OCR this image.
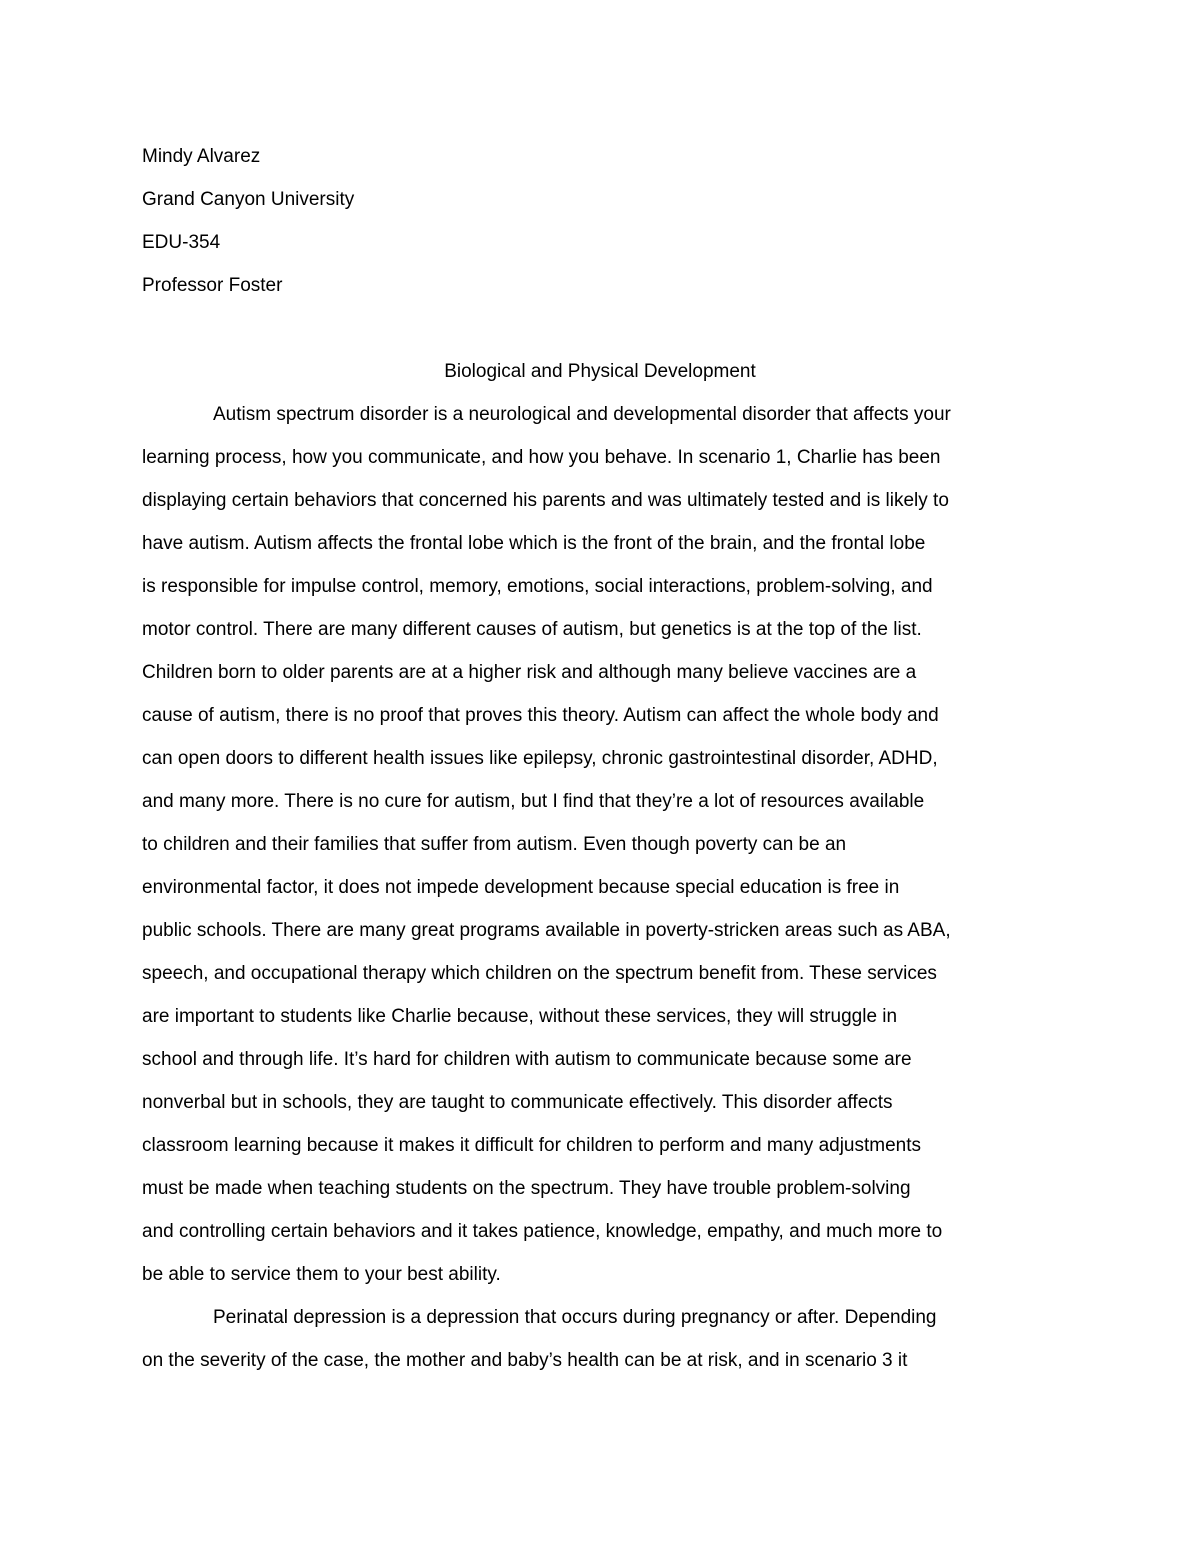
Mindy Alvarez

Grand Canyon University

EDU-354

Professor Foster

Biological and Physical Development

Autism spectrum disorder is a neurological and developmental disorder that affects your

learning process, how you communicate, and how you behave. In scenario 1, Charlie has been

displaying certain behaviors that concerned his parents and was ultimately tested and is likely to

have autism. Autism affects the frontal lobe which is the front of the brain, and the frontal lobe

is responsible for impulse control, memory, emotions, social interactions, problem-solving, and

motor control. There are many different causes of autism, but genetics is at the top of the list.

Children born to older parents are at a higher risk and although many believe vaccines are a

cause of autism, there is no proof that proves this theory. Autism can affect the whole body and

can open doors to different health issues like epilepsy, chronic gastrointestinal disorder, ADHD,

and many more. There is no cure for autism, but I find that they’re a lot of resources available

to children and their families that suffer from autism. Even though poverty can be an

environmental factor, it does not impede development because special education is free in

public schools. There are many great programs available in poverty-stricken areas such as ABA,

speech, and occupational therapy which children on the spectrum benefit from. These services

are important to students like Charlie because, without these services, they will struggle in

school and through life. It’s hard for children with autism to communicate because some are

nonverbal but in schools, they are taught to communicate effectively. This disorder affects

classroom learning because it makes it difficult for children to perform and many adjustments

must be made when teaching students on the spectrum. They have trouble problem-solving

and controlling certain behaviors and it takes patience, knowledge, empathy, and much more to

be able to service them to your best ability.

Perinatal depression is a depression that occurs during pregnancy or after. Depending

on the severity of the case, the mother and baby’s health can be at risk, and in scenario 3 it
